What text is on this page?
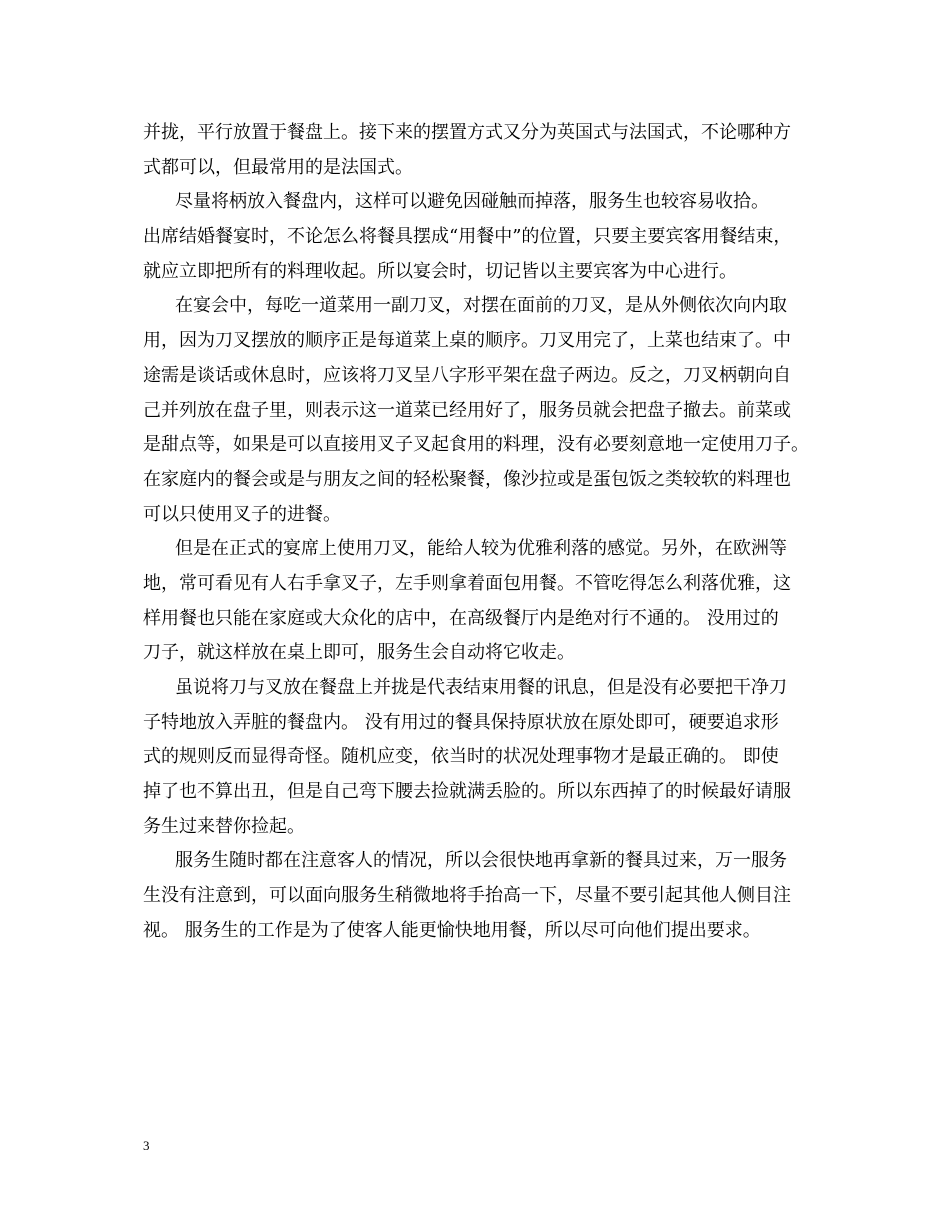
并拢，平行放置于餐盘上。接下来的摆置方式又分为英国式与法国式，不论哪种方
式都可以，但最常用的是法国式。
尽量将柄放入餐盘内，这样可以避免因碰触而掉落，服务生也较容易收拾。
出席结婚餐宴时，不论怎么将餐具摆成“用餐中”的位置，只要主要宾客用餐结束，
就应立即把所有的料理收起。所以宴会时，切记皆以主要宾客为中心进行。
在宴会中，每吃一道菜用一副刀叉，对摆在面前的刀叉，是从外侧依次向内取
用，因为刀叉摆放的顺序正是每道菜上桌的顺序。刀叉用完了，上菜也结束了。中
途需是谈话或休息时，应该将刀叉呈八字形平架在盘子两边。反之，刀叉柄朝向自
己并列放在盘子里，则表示这一道菜已经用好了，服务员就会把盘子撤去。前菜或
是甜点等，如果是可以直接用叉子叉起食用的料理，没有必要刻意地一定使用刀子。
在家庭内的餐会或是与朋友之间的轻松聚餐，像沙拉或是蛋包饭之类较软的料理也
可以只使用叉子的进餐。
但是在正式的宴席上使用刀叉，能给人较为优雅利落的感觉。另外，在欧洲等
地，常可看见有人右手拿叉子，左手则拿着面包用餐。不管吃得怎么利落优雅，这
样用餐也只能在家庭或大众化的店中，在高级餐厅内是绝对行不通的。 没用过的
刀子，就这样放在桌上即可，服务生会自动将它收走。
虽说将刀与叉放在餐盘上并拢是代表结束用餐的讯息，但是没有必要把干净刀
子特地放入弄脏的餐盘内。 没有用过的餐具保持原状放在原处即可，硬要追求形
式的规则反而显得奇怪。随机应变，依当时的状况处理事物才是最正确的。 即使
掉了也不算出丑，但是自己弯下腰去捡就满丢脸的。所以东西掉了的时候最好请服
务生过来替你捡起。
服务生随时都在注意客人的情况，所以会很快地再拿新的餐具过来，万一服务
生没有注意到，可以面向服务生稍微地将手抬高一下，尽量不要引起其他人侧目注
视。 服务生的工作是为了使客人能更愉快地用餐，所以尽可向他们提出要求。
3
